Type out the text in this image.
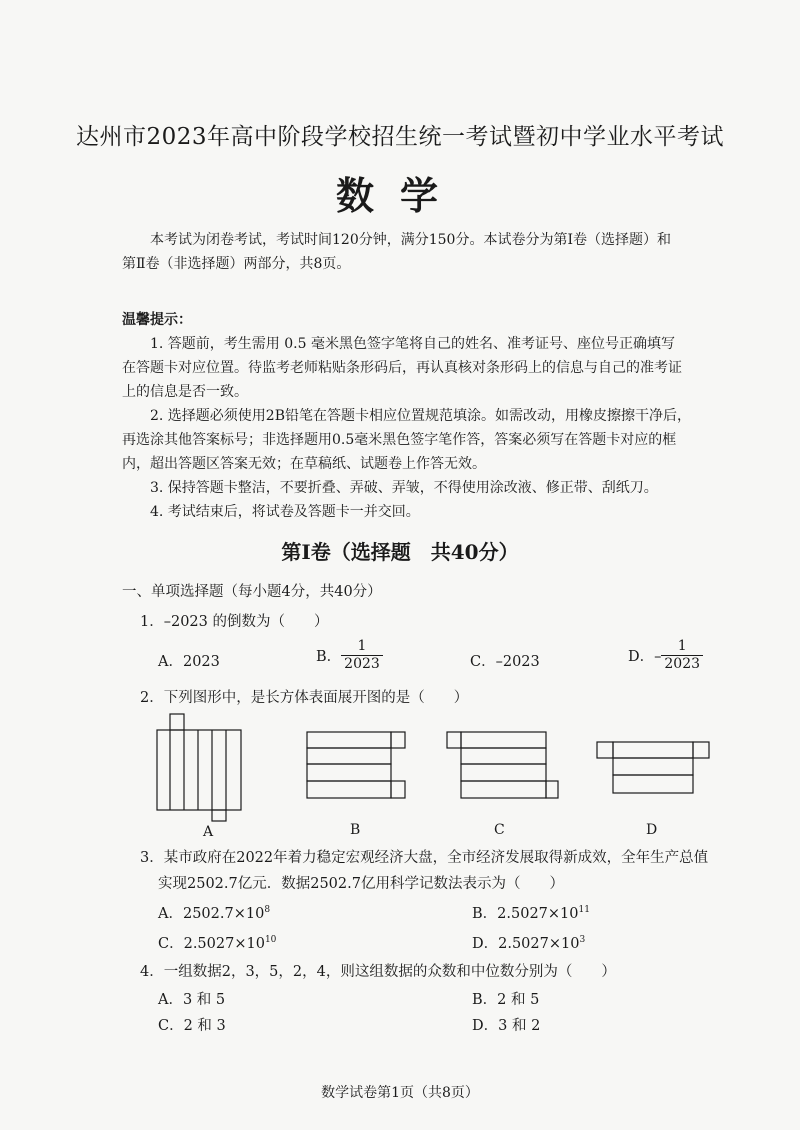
达州市2023年高中阶段学校招生统一考试暨初中学业水平考试
数学
本考试为闭卷考试，考试时间120分钟，满分150分。本试卷分为第Ⅰ卷（选择题）和
第Ⅱ卷（非选择题）两部分，共8页。
温馨提示：
1. 答题前，考生需用 0.5 毫米黑色签字笔将自己的姓名、准考证号、座位号正确填写
在答题卡对应位置。待监考老师粘贴条形码后，再认真核对条形码上的信息与自己的准考证
上的信息是否一致。
2. 选择题必须使用2B铅笔在答题卡相应位置规范填涂。如需改动，用橡皮擦擦干净后，
再选涂其他答案标号；非选择题用0.5毫米黑色签字笔作答，答案必须写在答题卡对应的框
内，超出答题区答案无效；在草稿纸、试题卷上作答无效。
3. 保持答题卡整洁，不要折叠、弄破、弄皱，不得使用涂改液、修正带、刮纸刀。
4. 考试结束后，将试卷及答题卡一并交回。
第Ⅰ卷（选择题　共40分）
一、单项选择题（每小题4分，共40分）
1．–2023 的倒数为（　　）
A．2023	B． $\frac{1}{2023}$	C．–2023	D．– $\frac{1}{2023}$
2．下列图形中，是长方体表面展开图的是（　　）
A	B	C	D
3．某市政府在2022年着力稳定宏观经济大盘，全市经济发展取得新成效，全年生产总值
实现2502.7亿元．数据2502.7亿用科学记数法表示为（　　）
A．$2502.7\times 10^8$	B．$2.5027\times 10^{11}$
C．$2.5027\times 10^{10}$	D．$2.5027\times 10^3$
4．一组数据2，3，5，2，4，则这组数据的众数和中位数分别为（　　）
A．3 和 5	B．2 和 5
C．2 和 3	D．3 和 2
数学试卷第1页（共8页）
